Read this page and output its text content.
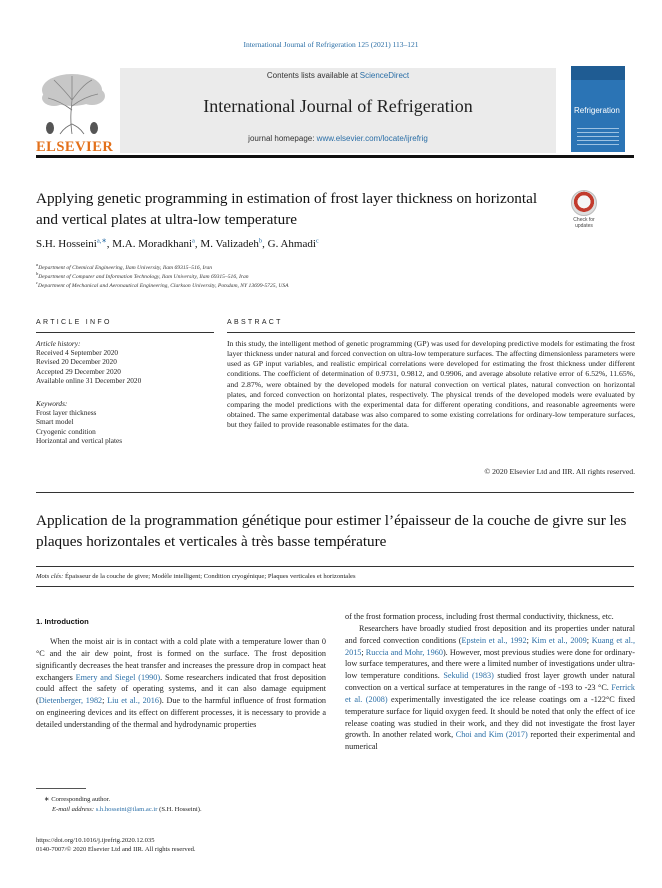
International Journal of Refrigeration 125 (2021) 113–121
ELSEVIER
Contents lists available at ScienceDirect
International Journal of Refrigeration
journal homepage: www.elsevier.com/locate/ijrefrig
Refrigeration
Applying genetic programming in estimation of frost layer thickness on horizontal and vertical plates at ultra-low temperature	Check for updates
S.H. Hosseini$^{a,∗}$, M.A. Moradkhani$^a$, M. Valizadeh$^b$, G. Ahmadi$^c$
$^a$Department of Chemical Engineering, Ilam University, Ilam 69315–516, Iran
$^b$Department of Computer and Information Technology, Ilam University, Ilam 69315–516, Iran
$^c$Department of Mechanical and Aeronautical Engineering, Clarkson University, Potsdam, NY 13699-5725, USA
ARTICLE INFO	ABSTRACT
Article history:
Received 4 September 2020
Revised 20 December 2020
Accepted 29 December 2020
Available online 31 December 2020
Keywords:
Frost layer thickness
Smart model
Cryogenic condition
Horizontal and vertical plates
In this study, the intelligent method of genetic programming (GP) was used for developing predictive models for estimating the frost layer thickness under natural and forced convection on ultra-low temperature surfaces. The affecting dimensionless parameters were used as GP input variables, and realistic empirical correlations were developed for estimating the frost thickness under different conditions. The coefficient of determination of 0.9731, 0.9812, and 0.9906, and average absolute relative error of 6.52%, 11.65%, and 2.87%, were obtained by the developed models for natural convection on vertical plates, natural convection on horizontal plates, and forced convection on horizontal plates, respectively. The physical trends of the developed models were evaluated by comparing the model predictions with the experimental data for different operating conditions, and reasonable agreements were obtained. The same experimental database was also compared to some existing correlations for ordinary-low temperature surfaces, but they failed to provide reasonable estimates for the data.
© 2020 Elsevier Ltd and IIR. All rights reserved.
Application de la programmation génétique pour estimer l’épaisseur de la couche de givre sur les plaques horizontales et verticales à très basse température
Mots clés: Épaisseur de la couche de givre; Modèle intelligent; Condition cryogénique; Plaques verticales et horizontales
1. Introduction

When the moist air is in contact with a cold plate with a temperature lower than 0 °C and the air dew point, frost is formed on the surface. The frost deposition significantly decreases the heat transfer and increases the pressure drop in compact heat exchangers Emery and Siegel (1990). Some researchers indicated that frost deposition could affect the safety of operating systems, and it can also damage equipment (Dietenberger, 1982; Liu et al., 2016). Due to the harmful influence of frost formation on engineering devices and its effect on different processes, it is necessary to provide a detailed understanding of the thermal and hydrodynamic properties

of the frost formation process, including frost thermal conductivity, thickness, etc.

Researchers have broadly studied frost deposition and its properties under natural and forced convection conditions (Epstein et al., 1992; Kim et al., 2009; Kuang et al., 2015; Ruccia and Mohr, 1960). However, most previous studies were done for ordinary-low surface temperatures, and there were a limited number of investigations under ultra-low temperature conditions. Sekulid (1983) studied frost layer growth under natural convection on a vertical surface at temperatures in the range of -193 to -23 °C. Ferrick et al. (2008) experimentally investigated the ice release coatings om a -122°C fixed temperature surface for liquid oxygen feed. It should be noted that only the effect of ice release coating was studied in their work, and they did not investigate the frost layer growth. In another related work, Choi and Kim (2017) reported their experimental and numerical

∗ Corresponding author.
E-mail address: s.h.hosseini@ilam.ac.ir (S.H. Hosseini).
https://doi.org/10.1016/j.ijrefrig.2020.12.035
0140-7007/© 2020 Elsevier Ltd and IIR. All rights reserved.
